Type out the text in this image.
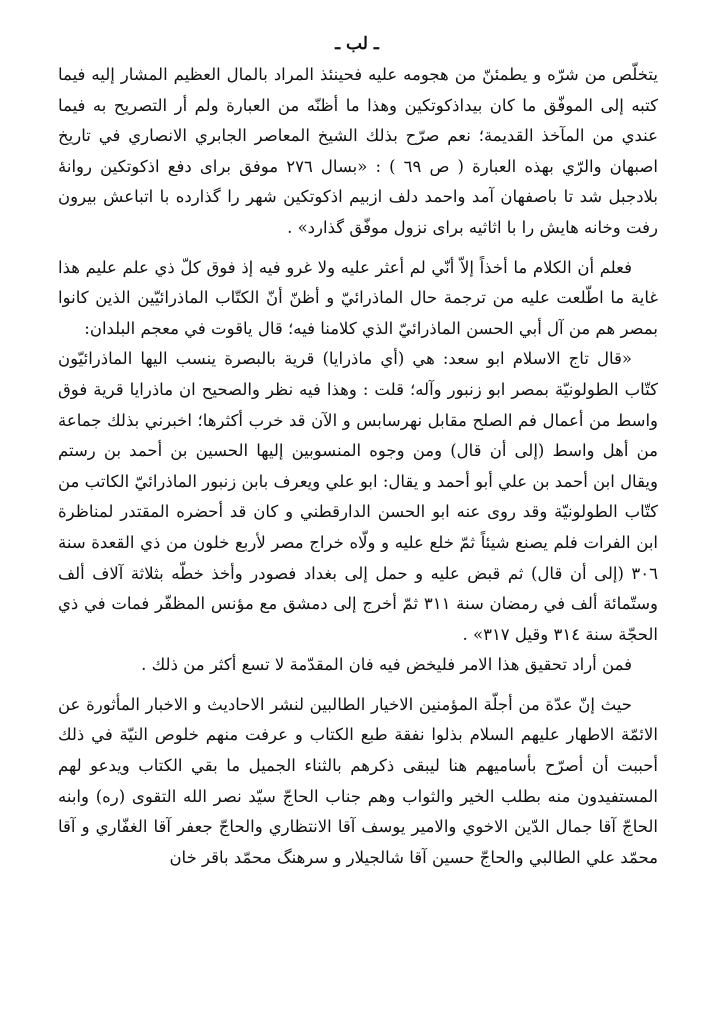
ـ لب ـ

يتخلّص من شرّه و يطمئنّ من هجومه عليه فحينئذ المراد بالمال العظيم المشار إليه فيما كتبه إلى الموفّق ما كان بيداذكوتكين وهذا ما أظنّه من العبارة ولم أر التصريح به فيما عندي من المآخذ القديمة؛ نعم صرّح بذلك الشيخ المعاصر الجابري الانصاري في تاريخ اصبهان والرّي بهذه العبارة ( ص ٦٩ ) : «بسال ٢٧٦ موفق براى دفع اذكوتكين روانهٔ بلادجبل شد تا باصفهان آمد واحمد دلف ازبيم اذكوتكين شهر را گذارده با اتباعش بيرون رفت وخانه هايش را با اثاثيه براى نزول موفّق گذارد» .

فعلم أن الكلام ما أخذاً إلاّ أنّي لم أعثر عليه ولا غرو فيه إذ فوق كلّ ذي علم عليم هذا غاية ما اطّلعت عليه من ترجمة حال الماذرائيّ و أظنّ أنّ الكتّاب الماذرائيّين الذين كانوا بمصر هم من آل أبي الحسن الماذرائيّ الذي كلامنا فيه؛ قال ياقوت في معجم البلدان:

«قال تاج الاسلام ابو سعد: هي (أي ماذرايا) قرية بالبصرة ينسب اليها الماذرائيّون كتّاب الطولونيّة بمصر ابو زنبور وآله؛ قلت : وهذا فيه نظر والصحيح ان ماذرايا قرية فوق واسط من أعمال فم الصلح مقابل نهرسابس و الآن قد خرب أكثرها؛ اخبرني بذلك جماعة من أهل واسط (إلى أن قال) ومن وجوه المنسوبين إليها الحسين بن أحمد بن رستم ويقال ابن أحمد بن علي أبو أحمد و يقال: ابو علي ويعرف بابن زنبور الماذرائيّ الكاتب من كتّاب الطولونيّة وقد روى عنه ابو الحسن الدارقطني و كان قد أحضره المقتدر لمناظرة ابن الفرات فلم يصنع شيئاً ثمّ خلع عليه و ولّاه خراج مصر لأربع خلون من ذي القعدة سنة ٣٠٦ (إلى أن قال) ثم قبض عليه و حمل إلى بغداد فصودر وأخذ خطّه بثلاثة آلاف ألف وستّمائة ألف في رمضان سنة ٣١١ ثمّ أخرج إلى دمشق مع مؤنس المظفّر فمات في ذي الحجّة سنة ٣١٤ وقيل ٣١٧» .

فمن أراد تحقيق هذا الامر فليخض فيه فان المقدّمة لا تسع أكثر من ذلك .

حيث إنّ عدّة من أجلّة المؤمنين الاخيار الطالبين لنشر الاحاديث و الاخبار المأثورة عن الائمّة الاطهار عليهم السلام بذلوا نفقة طبع الكتاب و عرفت منهم خلوص النيّة في ذلك أحببت أن أصرّح بأساميهم هنا ليبقى ذكرهم بالثناء الجميل ما بقي الكتاب ويدعو لهم المستفيدون منه بطلب الخير والثواب وهم جناب الحاجّ سيّد نصر الله التقوى (ره) وابنه الحاجّ آقا جمال الدّين الاخوي والامير يوسف آقا الانتظاري والحاجّ جعفر آقا الغفّاري و آقا محمّد علي الطالبي والحاجّ حسين آقا شالجيلار و سرهنگ محمّد باقر خان
